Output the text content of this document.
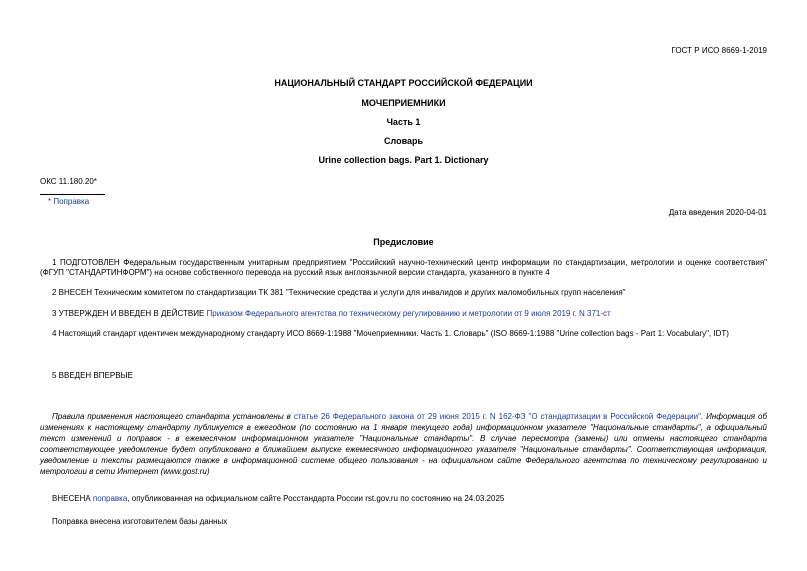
ГОСТ Р ИСО 8669-1-2019
НАЦИОНАЛЬНЫЙ СТАНДАРТ РОССИЙСКОЙ ФЕДЕРАЦИИ
МОЧЕПРИЕМНИКИ
Часть 1
Словарь
Urine collection bags. Part 1. Dictionary
ОКС 11.180.20*
* Поправка
Дата введения 2020-04-01
Предисловие
1 ПОДГОТОВЛЕН Федеральным государственным унитарным предприятием "Российский научно-технический центр информации по стандартизации, метрологии и оценке соответствия" (ФГУП "СТАНДАРТИНФОРМ") на основе собственного перевода на русский язык англоязычной версии стандарта, указанного в пункте 4
2 ВНЕСЕН Техническим комитетом по стандартизации ТК 381 "Технические средства и услуги для инвалидов и других маломобильных групп населения"
3 УТВЕРЖДЕН И ВВЕДЕН В ДЕЙСТВИЕ Приказом Федерального агентства по техническому регулированию и метрологии от 9 июля 2019 г. N 371-ст
4 Настоящий стандарт идентичен международному стандарту ИСО 8669-1:1988 "Мочеприемники. Часть 1. Словарь" (ISO 8669-1:1988 "Urine collection bags - Part 1: Vocabulary", IDT)
5 ВВЕДЕН ВПЕРВЫЕ
Правила применения настоящего стандарта установлены в статье 26 Федерального закона от 29 июня 2015 г. N 162-ФЗ "О стандартизации в Российской Федерации". Информация об изменениях к настоящему стандарту публикуется в ежегодном (по состоянию на 1 января текущего года) информационном указателе "Национальные стандарты", а официальный текст изменений и поправок - в ежемесячном информационном указателе "Национальные стандарты". В случае пересмотра (замены) или отмены настоящего стандарта соответствующее уведомление будет опубликовано в ближайшем выпуске ежемесячного информационного указателя "Национальные стандарты". Соответствующая информация, уведомление и тексты размещаются также в информационной системе общего пользования - на официальном сайте Федерального агентства по техническому регулированию и метрологии в сети Интернет (www.gost.ru)
ВНЕСЕНА поправка, опубликованная на официальном сайте Росстандарта России rst.gov.ru по состоянию на 24.03.2025
Поправка внесена изготовителем базы данных
